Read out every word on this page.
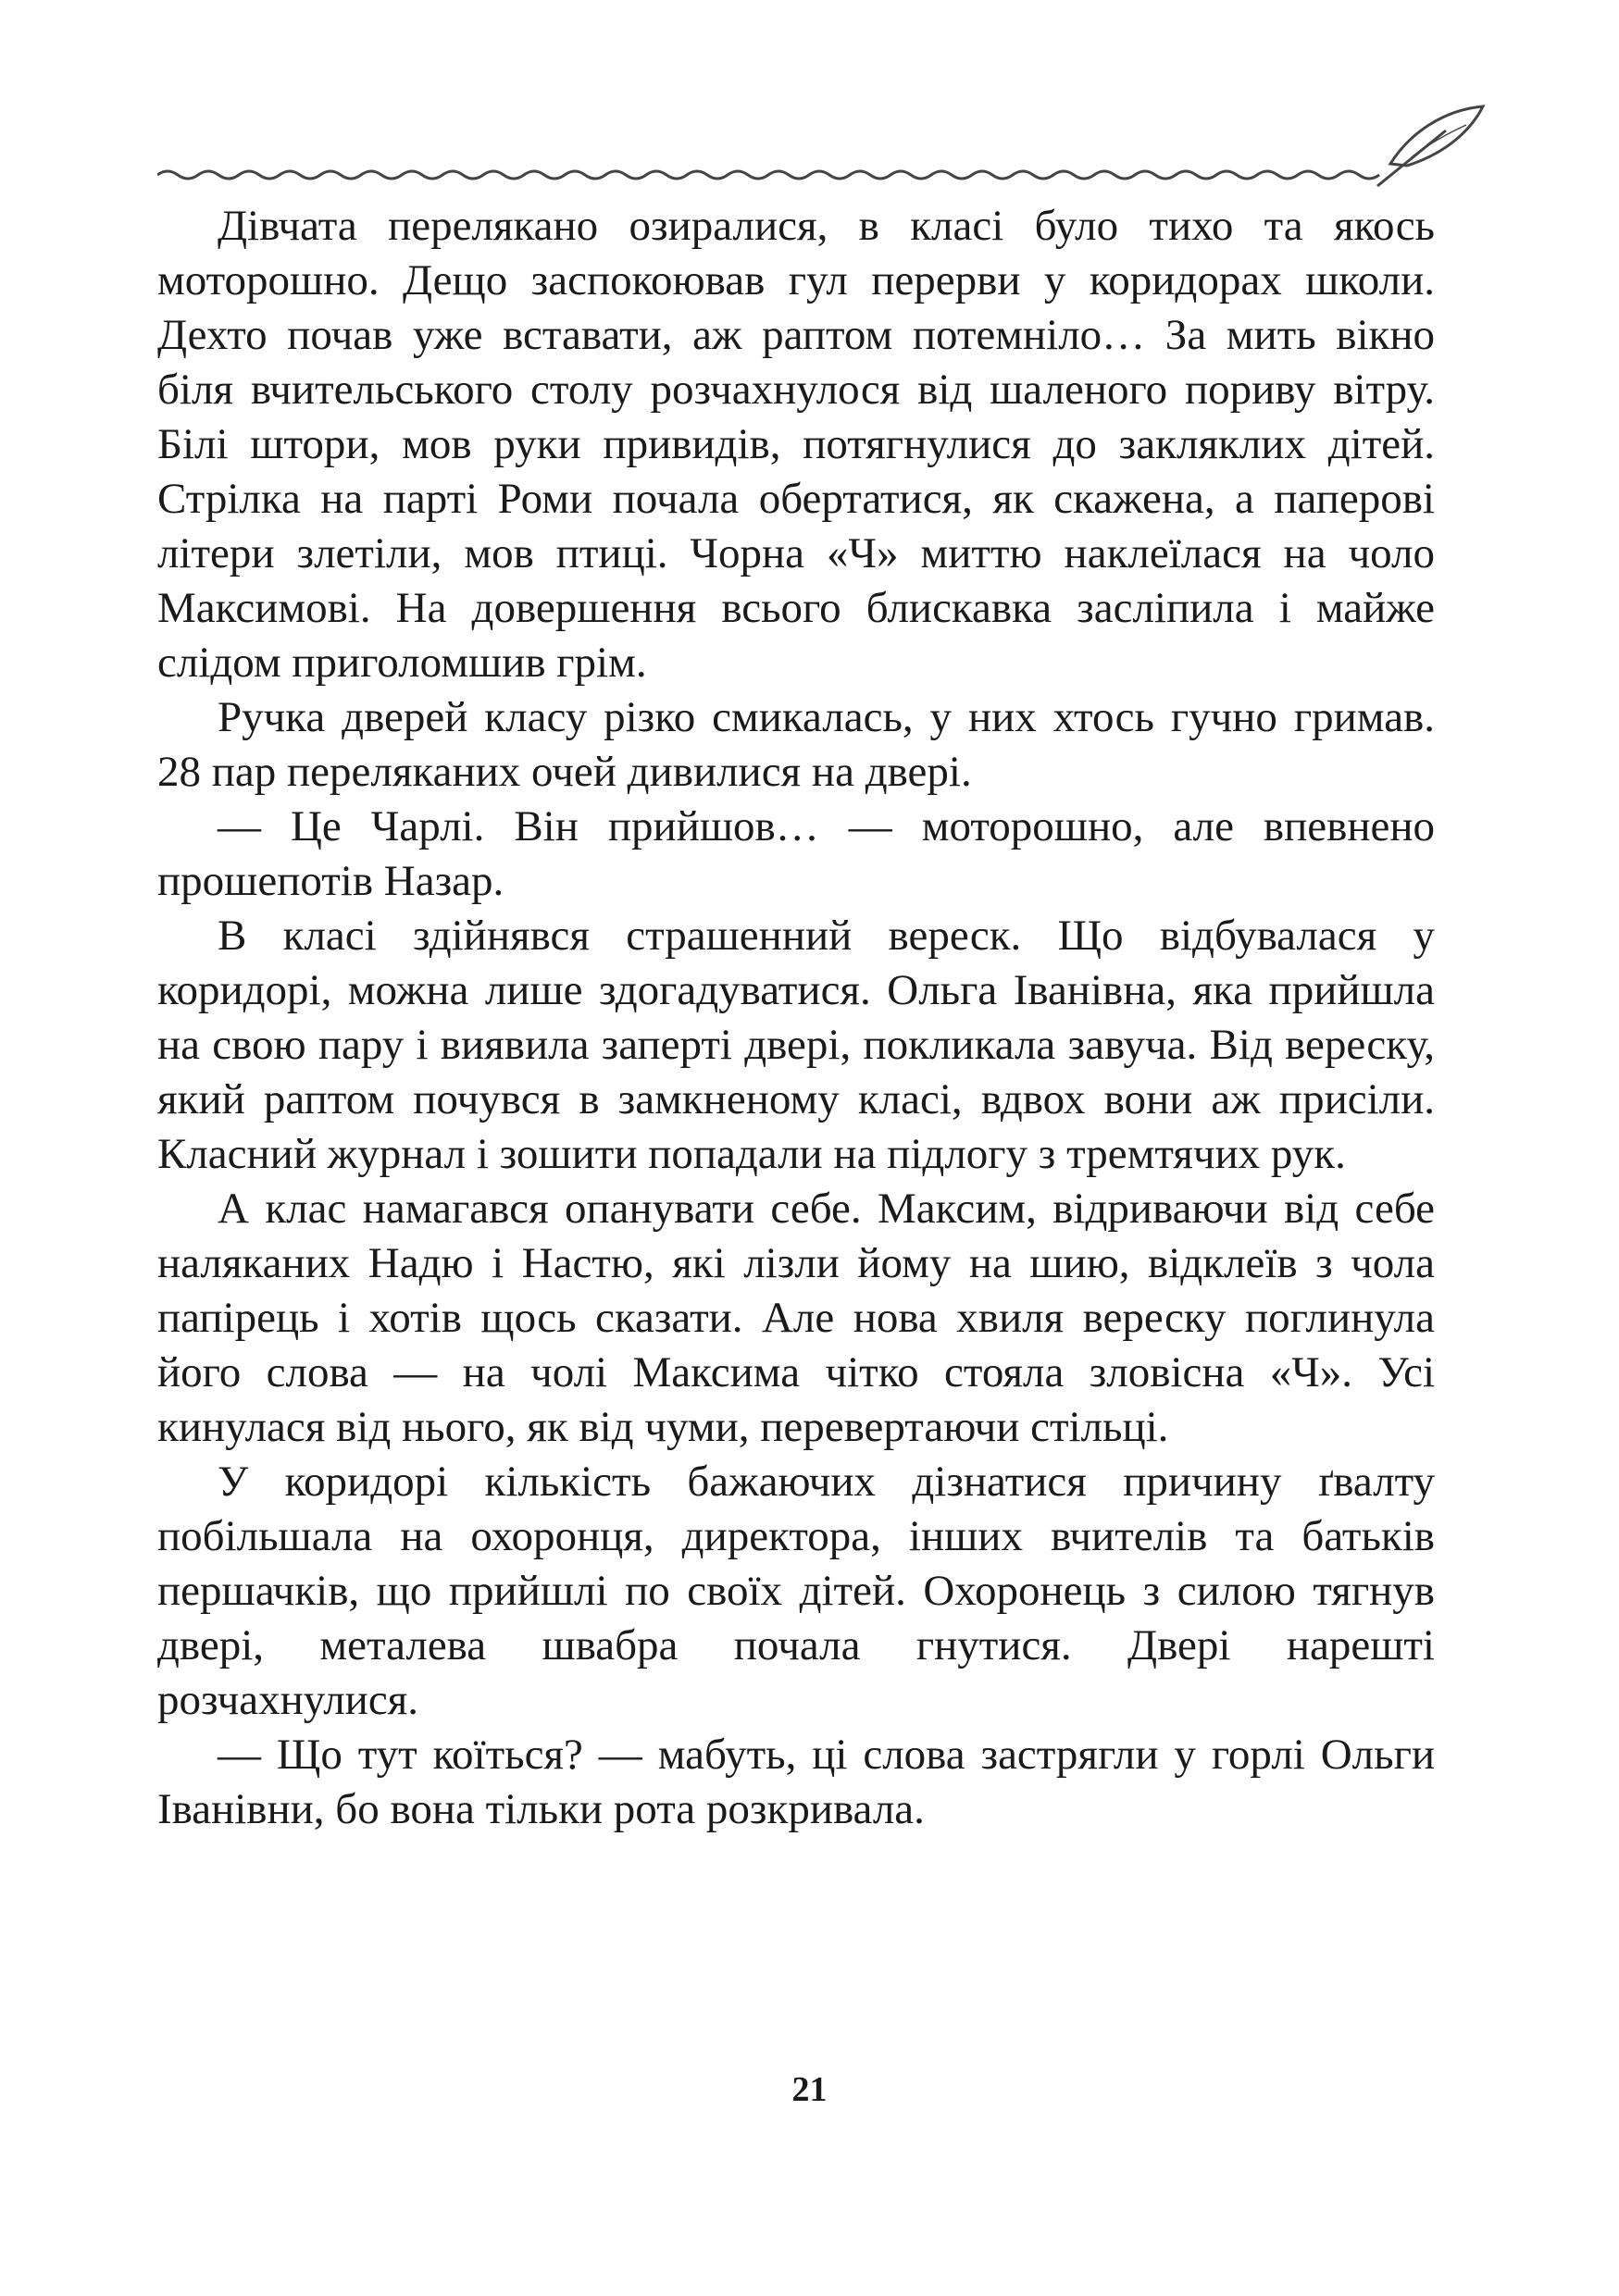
Дівчата перелякано озиралися, в класі було тихо та якось моторошно. Дещо заспокоював гул перерви у коридорах школи. Дехто почав уже вставати, аж раптом потемніло… За мить вікно біля вчительського столу розчахнулося від шаленого пориву вітру. Білі штори, мов руки привидів, потягнулися до закляклих дітей. Стрілка на парті Роми почала обертатися, як скажена, а паперові літери злетіли, мов птиці. Чорна «Ч» миттю наклеїлася на чоло Максимові. На довершення всього блискавка засліпила і майже слідом приголомшив грім.

Ручка дверей класу різко смикалась, у них хтось гучно гримав. 28 пар переляканих очей дивилися на двері.

— Це Чарлі. Він прийшов… — моторошно, але впевнено прошепотів Назар.

В класі здійнявся страшенний вереск. Що відбувалася у коридорі, можна лише здогадуватися. Ольга Іванівна, яка прийшла на свою пару і виявила заперті двері, покликала завуча. Від вереску, який раптом почувся в замкненому класі, вдвох вони аж присіли. Класний журнал і зошити попадали на підлогу з тремтячих рук.

А клас намагався опанувати себе. Максим, відриваючи від себе наляканих Надю і Настю, які лізли йому на шию, відклеїв з чола папірець і хотів щось сказати. Але нова хвиля вереску поглинула його слова — на чолі Максима чітко стояла зловісна «Ч». Усі кинулася від нього, як від чуми, перевертаючи стільці.

У коридорі кількість бажаючих дізнатися причину ґвалту побільшала на охоронця, директора, інших вчителів та батьків першачків, що прийшлі по своїх дітей. Охоронець з силою тягнув двері, металева швабра почала гнутися. Двері нарешті розчахнулися.

— Що тут коїться? — мабуть, ці слова застрягли у горлі Ольги Іванівни, бо вона тільки рота розкривала.

21
